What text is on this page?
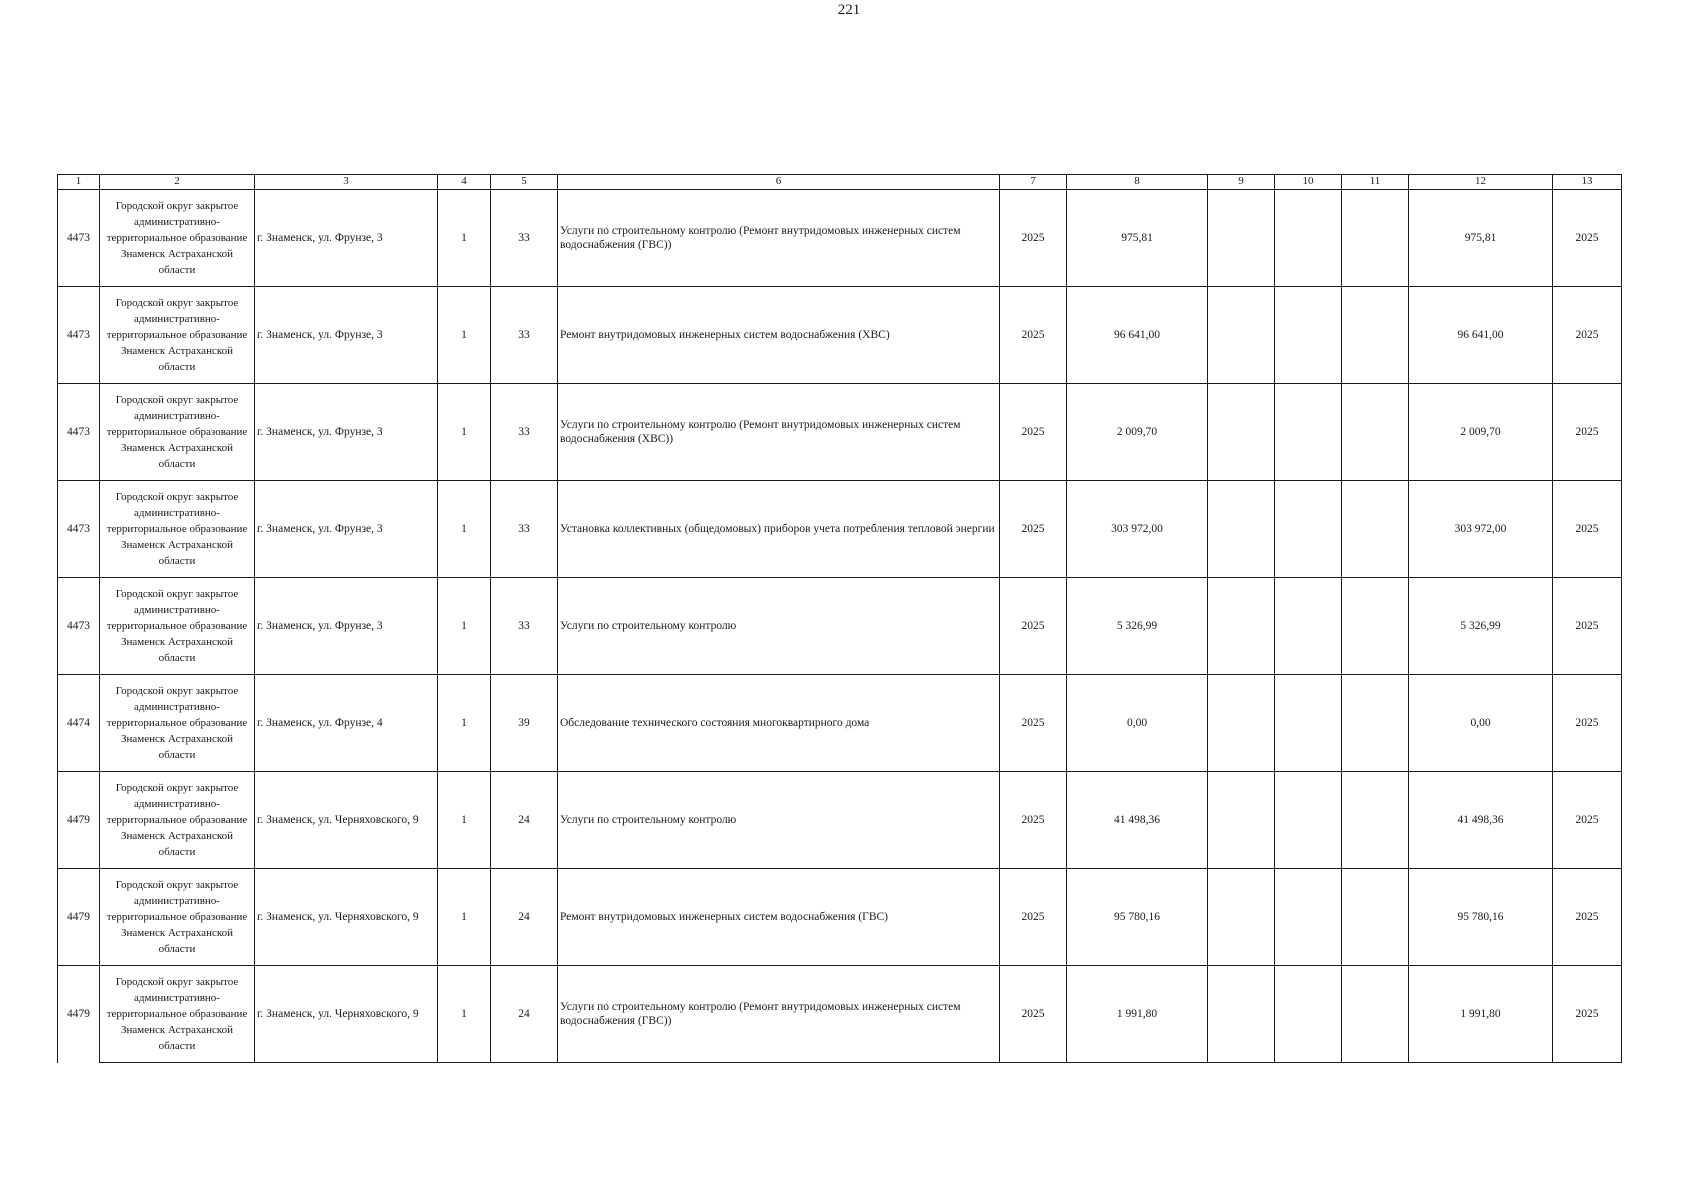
221
1	2	3	4	5	6	7	8	9	10	11	12	13
4473	Городской округ закрытое административно-территориальное образование Знаменск Астраханской области	г. Знаменск, ул. Фрунзе, 3	1	33	Услуги по строительному контролю (Ремонт внутридомовых инженерных систем водоснабжения (ГВС))	2025	975,81				975,81	2025
4473	Городской округ закрытое административно-территориальное образование Знаменск Астраханской области	г. Знаменск, ул. Фрунзе, 3	1	33	Ремонт внутридомовых инженерных систем водоснабжения (ХВС)	2025	96 641,00				96 641,00	2025
4473	Городской округ закрытое административно-территориальное образование Знаменск Астраханской области	г. Знаменск, ул. Фрунзе, 3	1	33	Услуги по строительному контролю (Ремонт внутридомовых инженерных систем водоснабжения (ХВС))	2025	2 009,70				2 009,70	2025
4473	Городской округ закрытое административно-территориальное образование Знаменск Астраханской области	г. Знаменск, ул. Фрунзе, 3	1	33	Установка коллективных (общедомовых) приборов учета потребления тепловой энергии	2025	303 972,00				303 972,00	2025
4473	Городской округ закрытое административно-территориальное образование Знаменск Астраханской области	г. Знаменск, ул. Фрунзе, 3	1	33	Услуги по строительному контролю	2025	5 326,99				5 326,99	2025
4474	Городской округ закрытое административно-территориальное образование Знаменск Астраханской области	г. Знаменск, ул. Фрунзе, 4	1	39	Обследование технического состояния многоквартирного дома	2025	0,00				0,00	2025
4479	Городской округ закрытое административно-территориальное образование Знаменск Астраханской области	г. Знаменск, ул. Черняховского, 9	1	24	Услуги по строительному контролю	2025	41 498,36				41 498,36	2025
4479	Городской округ закрытое административно-территориальное образование Знаменск Астраханской области	г. Знаменск, ул. Черняховского, 9	1	24	Ремонт внутридомовых инженерных систем водоснабжения (ГВС)	2025	95 780,16				95 780,16	2025
4479	Городской округ закрытое административно-территориальное образование Знаменск Астраханской области	г. Знаменск, ул. Черняховского, 9	1	24	Услуги по строительному контролю (Ремонт внутридомовых инженерных систем водоснабжения (ГВС))	2025	1 991,80				1 991,80	2025
